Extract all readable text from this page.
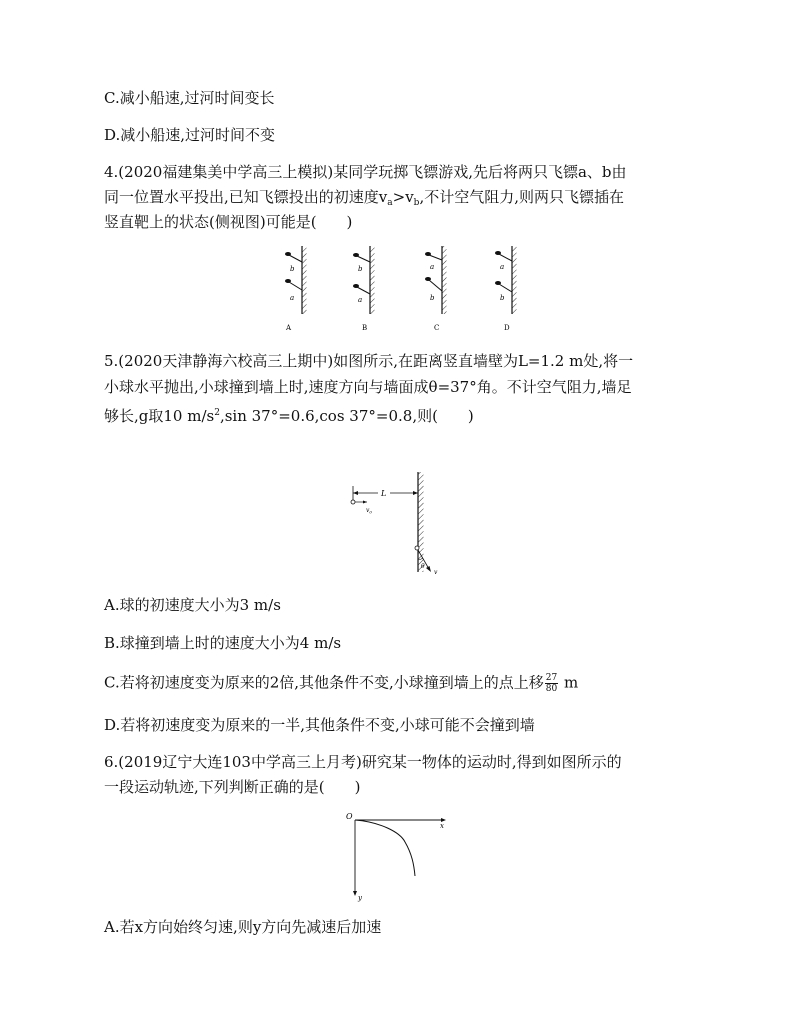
C.减小船速,过河时间变长
D.减小船速,过河时间不变
4.(2020福建集美中学高三上模拟)某同学玩掷飞镖游戏,先后将两只飞镖a、b由
同一位置水平投出,已知飞镖投出的初速度$v_a>v_b$,不计空气阻力,则两只飞镖插在
竖直靶上的状态(侧视图)可能是(　　)
b
a
A
b
a
B
a
b
C
a
b
D
5.(2020天津静海六校高三上期中)如图所示,在距离竖直墙壁为L=1.2 m处,将一
小球水平抛出,小球撞到墙上时,速度方向与墙面成θ=37°角。不计空气阻力,墙足
够长,g取10 $m/s^2,\sin$ 37°=0.6,cos 37°=0.8,则(　　)
L
$v_0$
θ
v
A.球的初速度大小为3 m/s
B.球撞到墙上时的速度大小为4 m/s
C.若将初速度变为原来的2倍,其他条件不变,小球撞到墙上的点上移 $\frac{27}{80}$ m
D.若将初速度变为原来的一半,其他条件不变,小球可能不会撞到墙
6.(2019辽宁大连103中学高三上月考)研究某一物体的运动时,得到如图所示的
一段运动轨迹,下列判断正确的是(　　)
O
x
y
A.若x方向始终匀速,则y方向先减速后加速
